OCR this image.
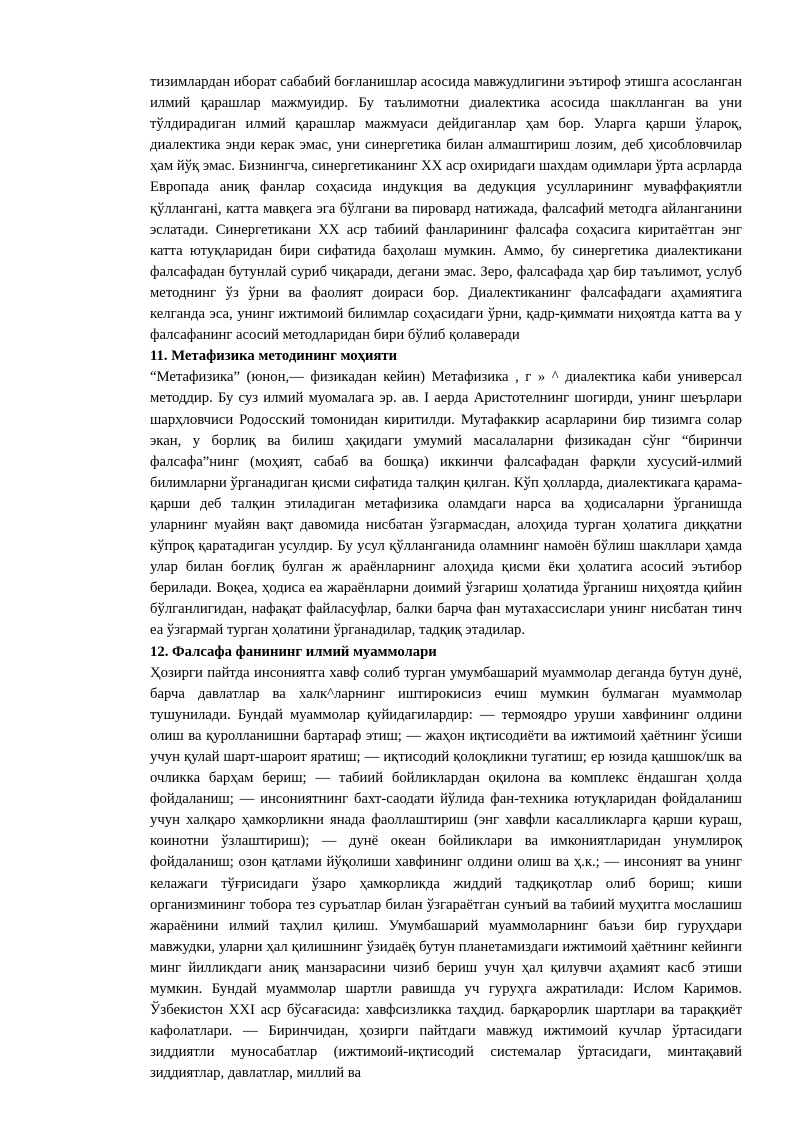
тизимлардан иборат сабабий боғланишлар асосида мавжудлигини эътироф этишга асосланган илмий қарашлар мажмуидир. Бу таълимотни диалектика асосида шаклланган ва уни тўлдирадиган илмий қарашлар мажмуаси дейдиганлар ҳам бор. Уларга қарши ўлароқ, диалектика энди керак эмас, уни синергетика билан алмаштириш лозим, деб ҳисобловчилар ҳам йўқ эмас. Бизнингча, синергетиканинг XX аср охиридаги шахдам одимлари ўрта асрларда Европада аниқ фанлар соҳасида индукция ва дедукция усулларининг муваффақиятли қўлланганi, катта мавқега эга бўлгани ва пировард натижада, фалсафий методга айланганини эслатади. Синергетикани XX аср табиий фанларининг фалсафа соҳасига киритаётган энг катта ютуқларидан бири сифатида баҳолаш мумкин. Аммо, бу синергетика диалектикани фалсафадан бутунлай суриб чиқаради, дегани эмас. Зеро, фалсафада ҳар бир таълимот, услуб методнинг ўз ўрни ва фаолият доираси бор. Диалектиканинг фалсафадаги аҳамиятига келганда эса, унинг ижтимоий билимлар соҳасидаги ўрни, қадр-қиммати ниҳоятда катта ва у фалсафанинг асосий методларидан бири бўлиб қолаверади

11. Метафизика методининг моҳияти

“Метафизика” (юнон,— физикадан кейин) Метафизика , г » ^ диалектика каби универсал методдир. Бу суз илмий муомалага эр. ав. I аерда Аристотелнинг шогирди, унинг шеърлари шарҳловчиси Родосский томонидан киритилди. Мутафаккир асарларини бир тизимга солар экан, у борлиқ ва билиш ҳақидаги умумий масалаларни физикадан сўнг “биринчи фалсафа”нинг (моҳият, сабаб ва бошқа) иккинчи фалсафадан фарқли хусусий-илмий билимларни ўрганадиган қисми сифатида талқин қилган. Кўп ҳолларда, диалектикага қарама-қарши деб талқин этиладиган метафизика оламдаги нарса ва ҳодисаларни ўрганишда уларнинг муайян вақт давомида нисбатан ўзгармасдан, алоҳида турган ҳолатига диққатни кўпроқ қаратадиган усулдир. Бу усул қўлланганида оламнинг намоён бўлиш шакллари ҳамда улар билан боғлиқ булган ж араёнларнинг алоҳида қисми ёки ҳолатига асосий эътибор берилади. Воқеа, ҳодиса еа жараёнларни доимий ўзгариш ҳолатида ўрганиш ниҳоятда қийин бўлганлигидан, нафақат файласуфлар, балки барча фан мутахассислари унинг нисбатан тинч еа ўзгармай турган ҳолатини ўрганадилар, тадқиқ этадилар.

12. Фалсафа фанининг илмий муаммолари

Ҳозирги пайтда инсониятга хавф солиб турган умумбашарий муаммолар деганда бутун дунё, барча давлатлар ва халк^ларнинг иштирокисиз ечиш мумкин булмаган муаммолар тушунилади. Бундай муаммолар қуйидагилардир: — термоядро уруши хавфининг олдини олиш ва қуролланишни бартараф этиш; — жаҳон иқтисодиёти ва ижтимоий ҳаётнинг ўсиши учун қулай шарт-шароит яратиш; — иқтисодий қолоқликни тугатиш; ер юзида қашшок/шк ва очликка барҳам бериш; — табиий бойликлардан оқилона ва комплекс ёндашган ҳолда фойдаланиш; — инсониятнинг бахт-саодати йўлида фан-техника ютуқларидан фойдаланиш учун халқаро ҳамкорликни янада фаоллаштириш (энг хавфли касалликларга қарши кураш, коинотни ўзлаштириш); — дунё океан бойликлари ва имкониятларидан унумлироқ фойдаланиш; озон қатлами йўқолиши хавфининг олдини олиш ва ҳ.к.; — инсоният ва унинг келажаги тўғрисидаги ўзаро ҳамкорликда жиддий тадқиқотлар олиб бориш; киши организмининг тобора тез суръатлар билан ўзгараётган сунъий ва табиий муҳитга мослашиш жараёнини илмий таҳлил қилиш. Умумбашарий муаммоларнинг баъзи бир гуруҳдари мавжудки, уларни ҳал қилишнинг ўзидаёқ бутун планетамиздаги ижтимоий ҳаётнинг кейинги минг йилликдаги аниқ манзарасини чизиб бериш учун ҳал қилувчи аҳамият касб этиши мумкин. Бундай муаммолар шартли равишда уч гуруҳга ажратилади: Ислом Каримов. Ўзбекистон XXI аср бўсағасида: хавфсизликка таҳдид. барқарорлик шартлари ва тараққиёт кафолатлари. — Биринчидан, ҳозирги пайтдаги мавжуд ижтимоий кучлар ўртасидаги зиддиятли муносабатлар (ижтимоий-иқтисодий системалар ўртасидаги, минтақавий зиддиятлар, давлатлар, миллий ва
